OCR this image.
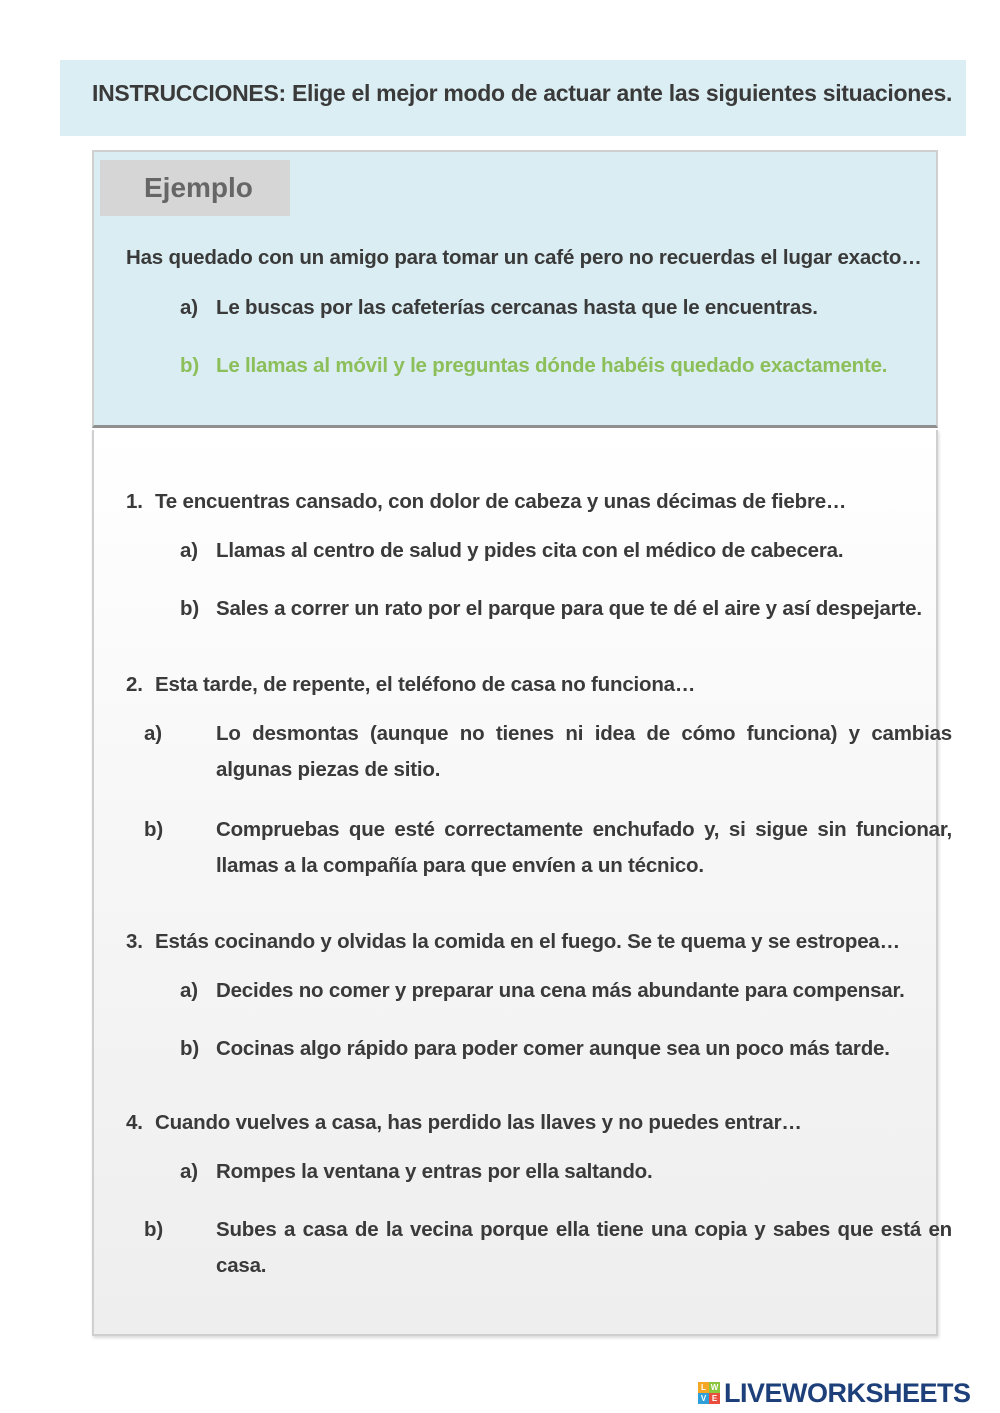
INSTRUCCIONES: Elige el mejor modo de actuar ante las siguientes situaciones.
Ejemplo
Has quedado con un amigo para tomar un café pero no recuerdas el lugar exacto…
a) Le buscas por las cafeterías cercanas hasta que le encuentras.
b) Le llamas al móvil y le preguntas dónde habéis quedado exactamente.
1. Te encuentras cansado, con dolor de cabeza y unas décimas de fiebre…
a) Llamas al centro de salud y pides cita con el médico de cabecera.
b) Sales a correr un rato por el parque para que te dé el aire y así despejarte.
2. Esta tarde, de repente, el teléfono de casa no funciona…
a)	Lo desmontas (aunque no tienes ni idea de cómo funciona) y cambias algunas piezas de sitio.
b)	Compruebas que esté correctamente enchufado y, si sigue sin funcionar, llamas a la compañía para que envíen a un técnico.
3. Estás cocinando y olvidas la comida en el fuego. Se te quema y se estropea…
a) Decides no comer y preparar una cena más abundante para compensar.
b) Cocinas algo rápido para poder comer aunque sea un poco más tarde.
4. Cuando vuelves a casa, has perdido las llaves y no puedes entrar…
a) Rompes la ventana y entras por ella saltando.
b)	Subes a casa de la vecina porque ella tiene una copia y sabes que está en casa.
L W
V E LIVEWORKSHEETS
